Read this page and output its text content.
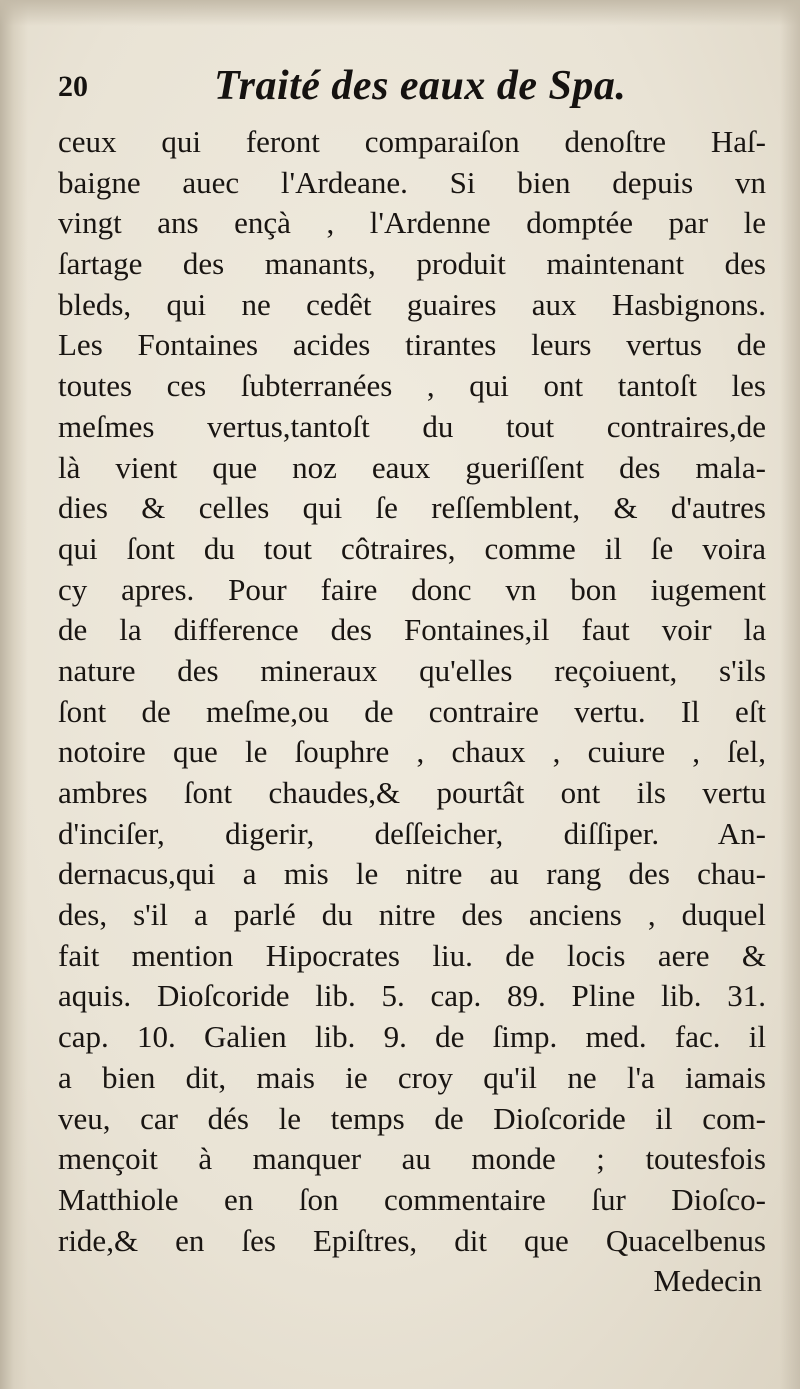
20	Traité des eaux de Spa.
ceux qui feront comparaiſon denoſtre Haſ-
baigne auec l'Ardeane. Si bien depuis vn
vingt ans ençà , l'Ardenne domptée par le
ſartage des manants, produit maintenant des
bleds, qui ne cedêt guaires aux Hasbignons.
Les Fontaines acides tirantes leurs vertus de
toutes ces ſubterranées , qui ont tantoſt les
meſmes vertus,tantoſt du tout contraires,de
là vient que noz eaux gueriſſent des mala-
dies & celles qui ſe reſſemblent, & d'autres
qui ſont du tout côtraires, comme il ſe voira
cy apres. Pour faire donc vn bon iugement
de la difference des Fontaines,il faut voir la
nature des mineraux qu'elles reçoiuent, s'ils
ſont de meſme,ou de contraire vertu. Il eſt
notoire que le ſouphre , chaux , cuiure , ſel,
ambres ſont chaudes,& pourtât ont ils vertu
d'inciſer, digerir, deſſeicher, diſſiper. An-
dernacus,qui a mis le nitre au rang des chau-
des, s'il a parlé du nitre des anciens , duquel
fait mention Hipocrates liu. de locis aere &
aquis. Dioſcoride lib. 5. cap. 89. Pline lib. 31.
cap. 10. Galien lib. 9. de ſimp. med. fac. il
a bien dit, mais ie croy qu'il ne l'a iamais
veu, car dés le temps de Dioſcoride il com-
mençoit à manquer au monde ; toutesfois
Matthiole en ſon commentaire ſur Dioſco-
ride,& en ſes Epiſtres, dit que Quacelbenus
Medecin
